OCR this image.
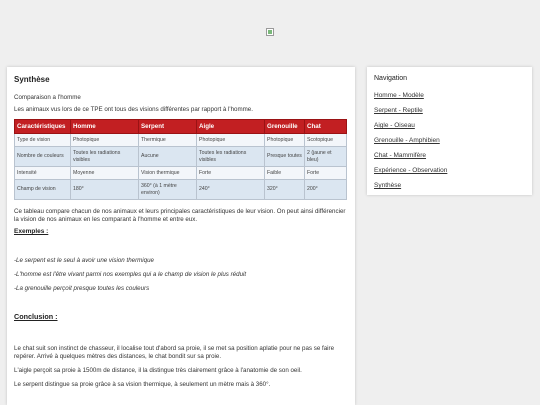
Synthèse
Comparaison a l'homme
Les animaux vus lors de ce TPE ont tous des visions différentes par rapport à l'homme.
Caractéristiques	Homme	Serpent	Aigle	Grenouille	Chat
Type de vision	Photopique	Thermique	Photopique	Photopique	Scotopique
Nombre de couleurs	Toutes les radiations visibles	Aucune	Toutes les radiations visibles	Presque toutes	2 (jaune et bleu)
Intensité	Moyenne	Vision thermique	Forte	Faible	Forte
Champ de vision	180°	360° (à 1 mètre environ)	240°	320°	200°
Ce tableau compare chacun de nos animaux et leurs principales caractéristiques de leur vision. On peut ainsi différencier la vision de nos animaux en les comparant à l'homme et entre eux.
Exemples :
-Le serpent est le seul à avoir une vision thermique
-L'homme est l'être vivant parmi nos exemples qui a le champ de vision le plus réduit
-La grenouille perçoit presque toutes les couleurs
Conclusion :
Le chat suit son instinct de chasseur, il localise tout d'abord sa proie, il se met sa position aplatie pour ne pas se faire repérer. Arrivé à quelques mètres des distances, le chat bondit sur sa proie.
L'aigle perçoit sa proie à 1500m de distance, il la distingue très clairement grâce à l'anatomie de son oeil.
Le serpent distingue sa proie grâce à sa vision thermique, à seulement un mètre mais à 360°.
Navigation
Homme - Modèle
Serpent - Reptile
Aigle - Oiseau
Grenouille - Amphibien
Chat - Mammifère
Expérience - Observation
Synthèse
